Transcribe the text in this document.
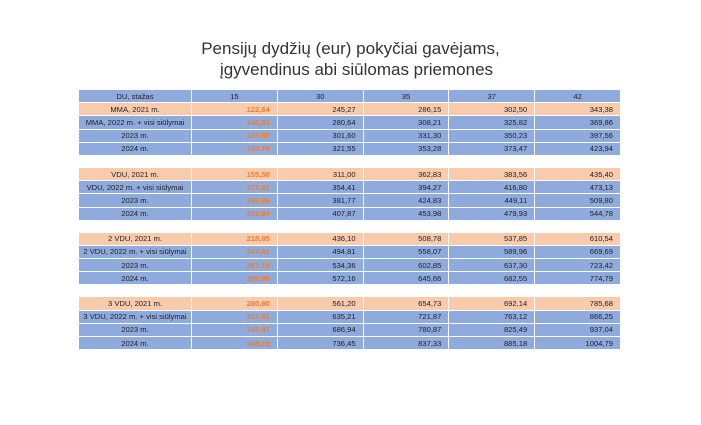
Pensijų dydžių (eur) pokyčiai gavėjams,

įgyvendinus abi siūlomas priemones
DU, stažas	15	30	35	37	42
MMA, 2021 m.	122,64	245,27	286,15	302,50	343,38
MMA, 2022 m. + visi siūlymai	140,33	280,64	308,21	325,82	369,86
2023 m.	150,80	301,60	331,30	350,23	397,56
2024 m.	160,78	321,55	353,28	373,47	423,94

VDU, 2021 m.	155,50	311,00	362,83	383,56	435,40
VDU, 2022 m. + visi siūlymai	177,21	354,41	394,27	416,80	473,13
2023 m.	190,89	381,77	424,83	449,11	509,80
2024 m.	203,94	407,87	453,98	479,93	544,78

2 VDU, 2021 m.	218,05	436,10	508,78	537,85	610,54
2 VDU, 2022 m. + visi siūlymai	247,41	494,81	558,07	589,96	669,69
2023 m.	267,18	534,36	602,85	637,30	723,42
2024 m.	286,08	572,16	645,66	682,55	774,79

3 VDU, 2021 m.	280,60	561,20	654,73	692,14	785,68
3 VDU, 2022 m. + visi siūlymai	317,61	635,21	721,87	763,12	866,25
2023 m.	343,47	686,94	780,87	825,49	937,04
2024 m.	368,23	736,45	837,33	885,18	1004,79
